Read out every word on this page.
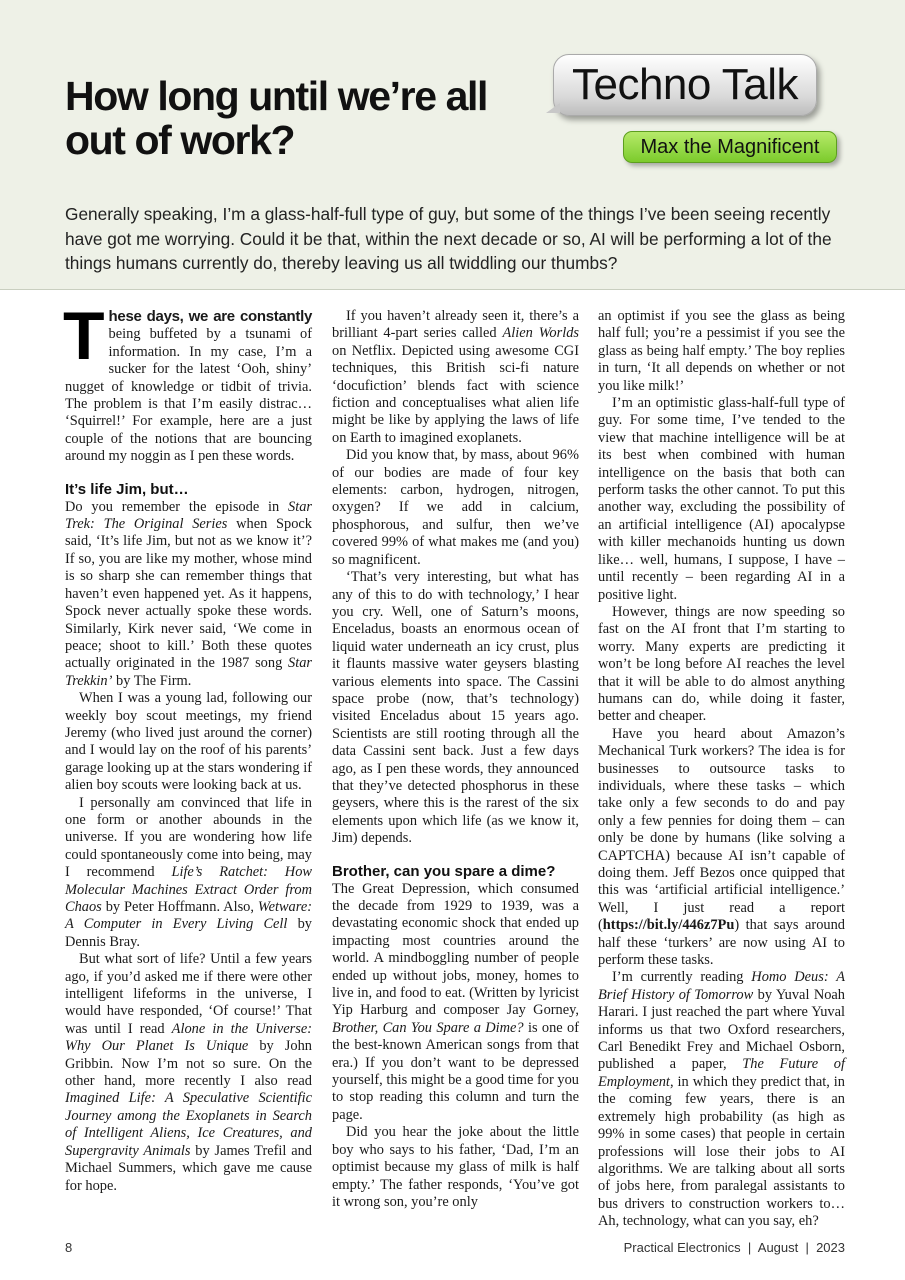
How long until we’re all out of work?
Techno Talk
Max the Magnificent

Generally speaking, I’m a glass-half-full type of guy, but some of the things I’ve been seeing recently have got me worrying. Could it be that, within the next decade or so, AI will be performing a lot of the things humans currently do, thereby leaving us all twiddling our thumbs?

These days, we are constantly being buffeted by a tsunami of information. In my case, I’m a sucker for the latest ‘Ooh, shiny’ nugget of knowledge or tidbit of trivia. The problem is that I’m easily distrac… ‘Squirrel!’ For example, here are a just couple of the notions that are bouncing around my noggin as I pen these words.
It’s life Jim, but…

Do you remember the episode in Star Trek: The Original Series when Spock said, ‘It’s life Jim, but not as we know it’? If so, you are like my mother, whose mind is so sharp she can remember things that haven’t even happened yet. As it happens, Spock never actually spoke these words. Similarly, Kirk never said, ‘We come in peace; shoot to kill.’ Both these quotes actually originated in the 1987 song Star Trekkin’ by The Firm.

When I was a young lad, following our weekly boy scout meetings, my friend Jeremy (who lived just around the corner) and I would lay on the roof of his parents’ garage looking up at the stars wondering if alien boy scouts were looking back at us.

I personally am convinced that life in one form or another abounds in the universe. If you are wondering how life could spontaneously come into being, may I recommend Life’s Ratchet: How Molecular Machines Extract Order from Chaos by Peter Hoffmann. Also, Wetware: A Computer in Every Living Cell by Dennis Bray.

But what sort of life? Until a few years ago, if you’d asked me if there were other intelligent lifeforms in the universe, I would have responded, ‘Of course!’ That was until I read Alone in the Universe: Why Our Planet Is Unique by John Gribbin. Now I’m not so sure. On the other hand, more recently I also read Imagined Life: A Speculative Scientific Journey among the Exoplanets in Search of Intelligent Aliens, Ice Creatures, and Supergravity Animals by James Trefil and Michael Summers, which gave me cause for hope.

If you haven’t already seen it, there’s a brilliant 4-part series called Alien Worlds on Netflix. Depicted using awesome CGI techniques, this British sci-fi nature ‘docufiction’ blends fact with science fiction and conceptualises what alien life might be like by applying the laws of life on Earth to imagined exoplanets.

Did you know that, by mass, about 96% of our bodies are made of four key elements: carbon, hydrogen, nitrogen, oxygen? If we add in calcium, phosphorous, and sulfur, then we’ve covered 99% of what makes me (and you) so magnificent.

‘That’s very interesting, but what has any of this to do with technology,’ I hear you cry. Well, one of Saturn’s moons, Enceladus, boasts an enormous ocean of liquid water underneath an icy crust, plus it flaunts massive water geysers blasting various elements into space. The Cassini space probe (now, that’s technology) visited Enceladus about 15 years ago. Scientists are still rooting through all the data Cassini sent back. Just a few days ago, as I pen these words, they announced that they’ve detected phosphorus in these geysers, where this is the rarest of the six elements upon which life (as we know it, Jim) depends.

Brother, can you spare a dime?

The Great Depression, which consumed the decade from 1929 to 1939, was a devastating economic shock that ended up impacting most countries around the world. A mindboggling number of people ended up without jobs, money, homes to live in, and food to eat. (Written by lyricist Yip Harburg and composer Jay Gorney, Brother, Can You Spare a Dime? is one of the best-known American songs from that era.) If you don’t want to be depressed yourself, this might be a good time for you to stop reading this column and turn the page.

Did you hear the joke about the little boy who says to his father, ‘Dad, I’m an optimist because my glass of milk is half empty.’ The father responds, ‘You’ve got it wrong son, you’re only

an optimist if you see the glass as being half full; you’re a pessimist if you see the glass as being half empty.’ The boy replies in turn, ‘It all depends on whether or not you like milk!’

I’m an optimistic glass-half-full type of guy. For some time, I’ve tended to the view that machine intelligence will be at its best when combined with human intelligence on the basis that both can perform tasks the other cannot. To put this another way, excluding the possibility of an artificial intelligence (AI) apocalypse with killer mechanoids hunting us down like… well, humans, I suppose, I have – until recently – been regarding AI in a positive light.

However, things are now speeding so fast on the AI front that I’m starting to worry. Many experts are predicting it won’t be long before AI reaches the level that it will be able to do almost anything humans can do, while doing it faster, better and cheaper.

Have you heard about Amazon’s Mechanical Turk workers? The idea is for businesses to outsource tasks to individuals, where these tasks – which take only a few seconds to do and pay only a few pennies for doing them – can only be done by humans (like solving a CAPTCHA) because AI isn’t capable of doing them. Jeff Bezos once quipped that this was ‘artificial artificial intelligence.’ Well, I just read a report (https://bit.ly/446z7Pu) that says around half these ‘turkers’ are now using AI to perform these tasks.

I’m currently reading Homo Deus: A Brief History of Tomorrow by Yuval Noah Harari. I just reached the part where Yuval informs us that two Oxford researchers, Carl Benedikt Frey and Michael Osborn, published a paper, The Future of Employment, in which they predict that, in the coming few years, there is an extremely high probability (as high as 99% in some cases) that people in certain professions will lose their jobs to AI algorithms. We are talking about all sorts of jobs here, from paralegal assistants to bus drivers to construction workers to… Ah, technology, what can you say, eh?

8	Practical Electronics  |  August  |  2023
